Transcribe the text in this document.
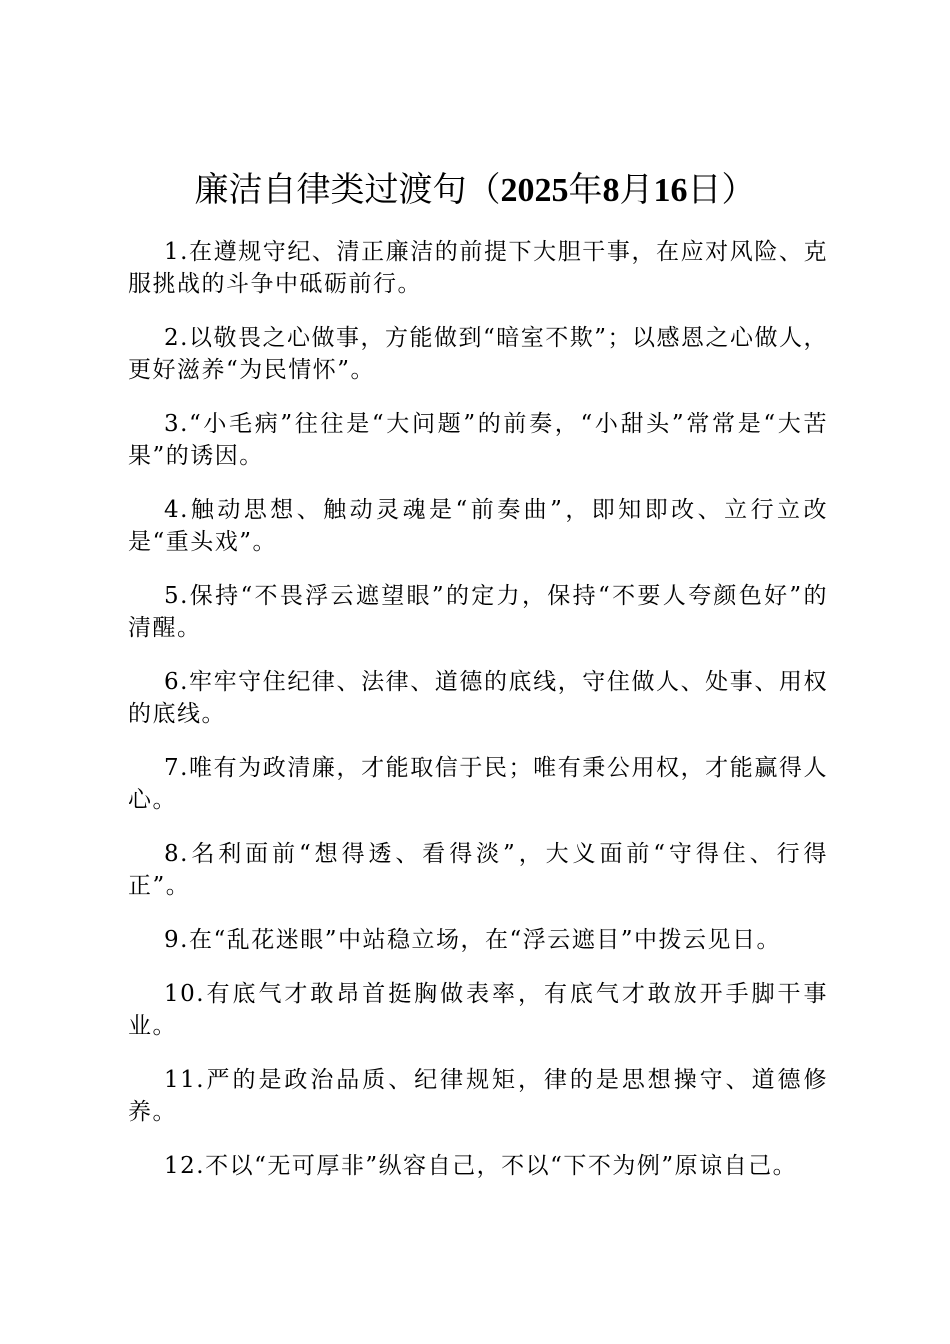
廉洁自律类过渡句（2025年8月16日）

1.在遵规守纪、清正廉洁的前提下大胆干事，在应对风险、克服挑战的斗争中砥砺前行。

2.以敬畏之心做事，方能做到“暗室不欺”；以感恩之心做人，更好滋养“为民情怀”。

3.“小毛病”往往是“大问题”的前奏，“小甜头”常常是“大苦果”的诱因。

4.触动思想、触动灵魂是“前奏曲”，即知即改、立行立改是“重头戏”。

5.保持“不畏浮云遮望眼”的定力，保持“不要人夸颜色好”的清醒。

6.牢牢守住纪律、法律、道德的底线，守住做人、处事、用权的底线。

7.唯有为政清廉，才能取信于民；唯有秉公用权，才能赢得人心。

8.名利面前“想得透、看得淡”，大义面前“守得住、行得正”。

9.在“乱花迷眼”中站稳立场，在“浮云遮目”中拨云见日。

10.有底气才敢昂首挺胸做表率，有底气才敢放开手脚干事业。

11.严的是政治品质、纪律规矩，律的是思想操守、道德修养。

12.不以“无可厚非”纵容自己，不以“下不为例”原谅自己。
